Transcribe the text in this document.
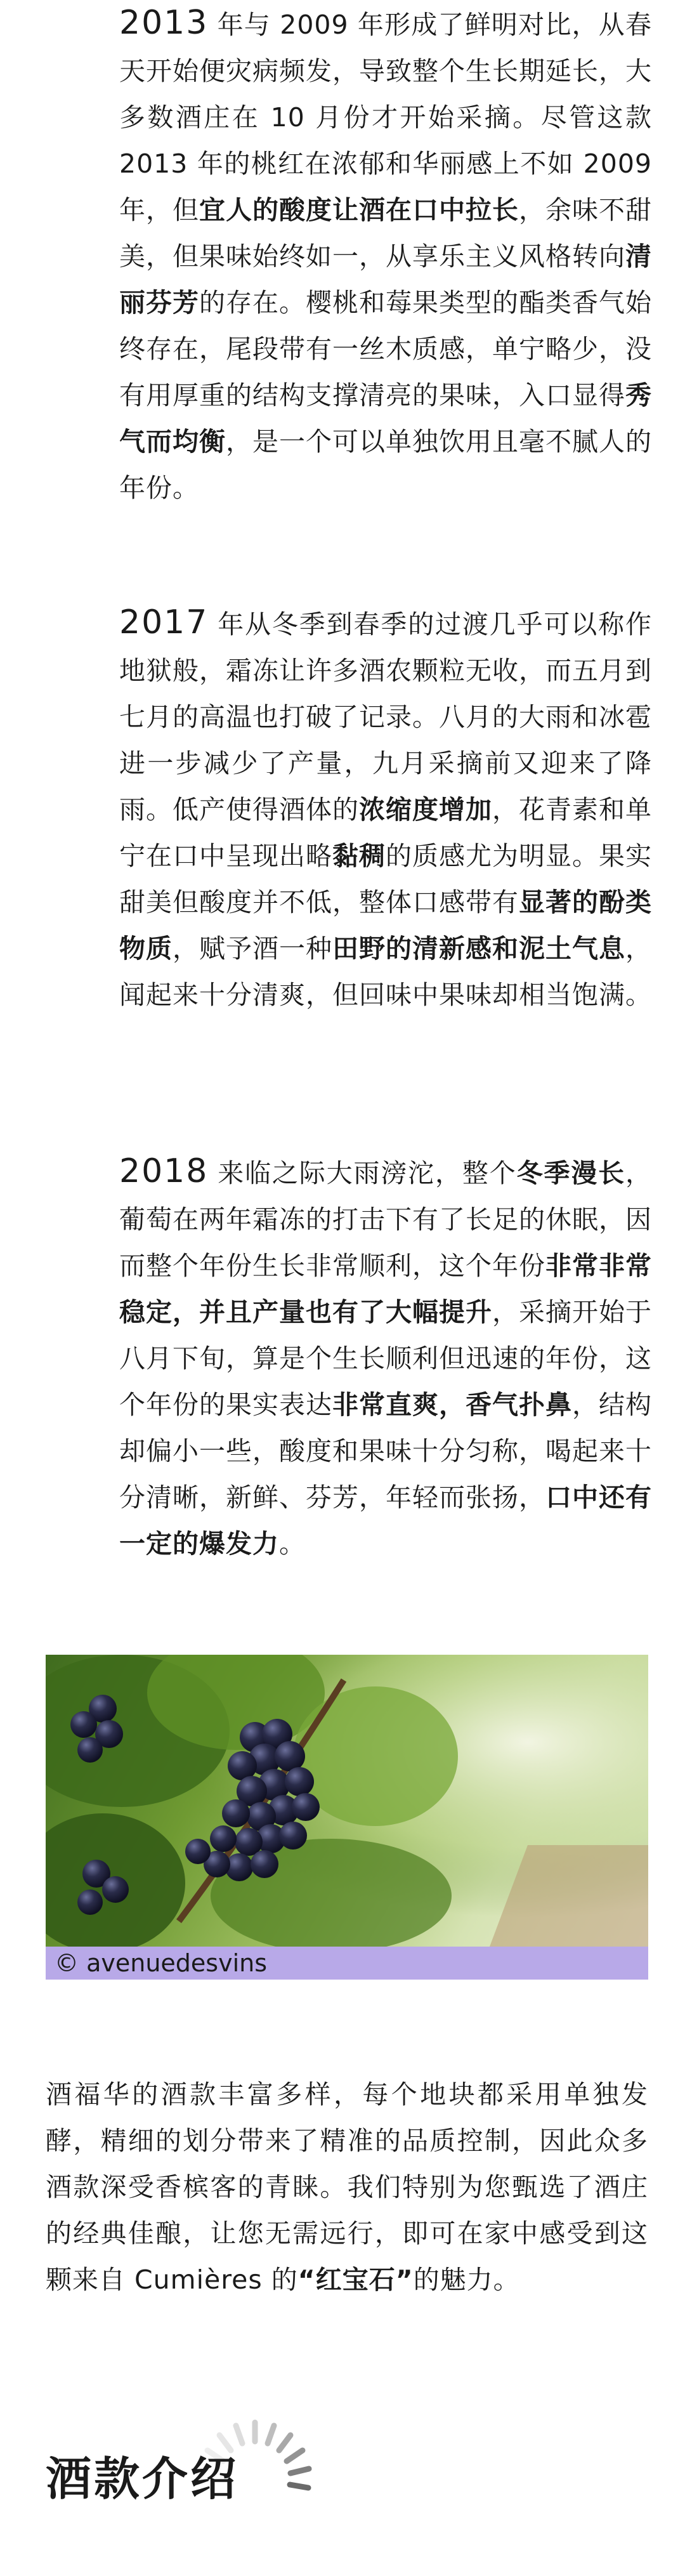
2013 年与 2009 年形成了鲜明对比，从春天开始便灾病频发，导致整个生长期延长，大多数酒庄在 10 月份才开始采摘。尽管这款 2013 年的桃红在浓郁和华丽感上不如 2009 年，但宜人的酸度让酒在口中拉长，余味不甜美，但果味始终如一，从享乐主义风格转向清丽芬芳的存在。樱桃和莓果类型的酯类香气始终存在，尾段带有一丝木质感，单宁略少，没有用厚重的结构支撑清亮的果味，入口显得秀气而均衡，是一个可以单独饮用且毫不腻人的年份。

2017 年从冬季到春季的过渡几乎可以称作地狱般，霜冻让许多酒农颗粒无收，而五月到七月的高温也打破了记录。八月的大雨和冰雹进一步减少了产量，九月采摘前又迎来了降雨。低产使得酒体的浓缩度增加，花青素和单宁在口中呈现出略黏稠的质感尤为明显。果实甜美但酸度并不低，整体口感带有显著的酚类物质，赋予酒一种田野的清新感和泥土气息，闻起来十分清爽，但回味中果味却相当饱满。

2018 来临之际大雨滂沱，整个冬季漫长，葡萄在两年霜冻的打击下有了长足的休眠，因而整个年份生长非常顺利，这个年份非常非常稳定，并且产量也有了大幅提升，采摘开始于八月下旬，算是个生长顺利但迅速的年份，这个年份的果实表达非常直爽，香气扑鼻，结构却偏小一些，酸度和果味十分匀称，喝起来十分清晰，新鲜、芬芳，年轻而张扬，口中还有一定的爆发力。

© avenuedesvins

酒福华的酒款丰富多样，每个地块都采用单独发酵，精细的划分带来了精准的品质控制，因此众多酒款深受香槟客的青睐。我们特别为您甄选了酒庄的经典佳酿，让您无需远行，即可在家中感受到这颗来自 Cumières 的“红宝石”的魅力。

酒款介绍
